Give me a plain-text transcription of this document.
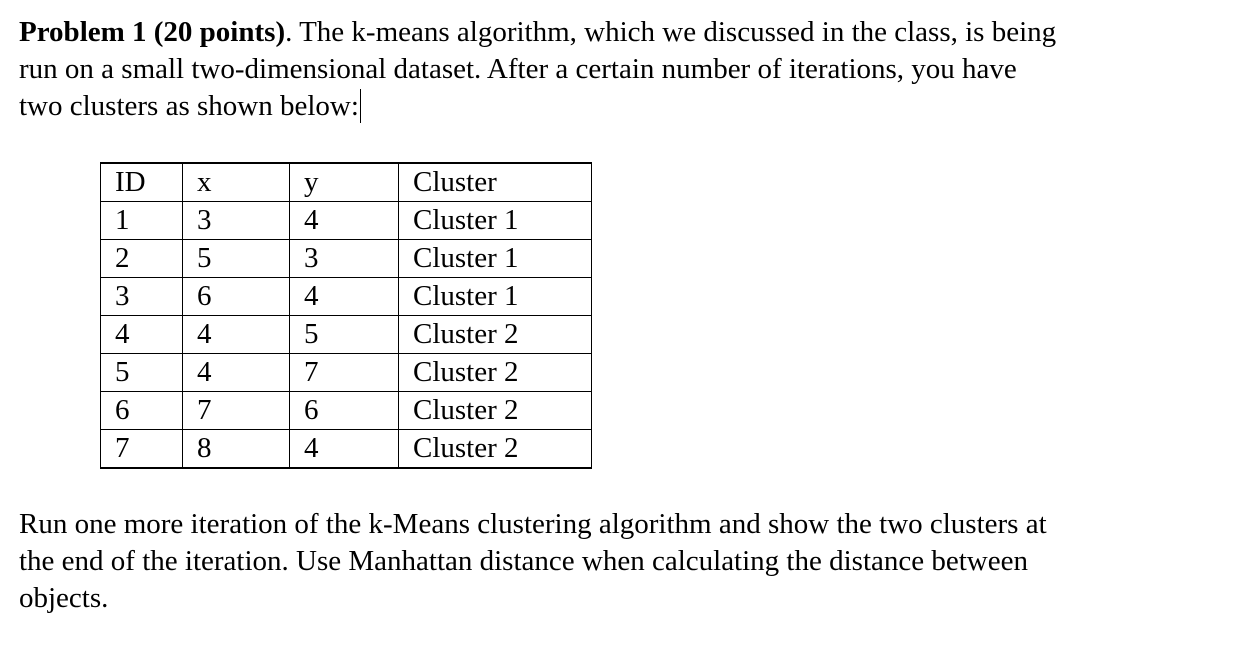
Problem 1 (20 points). The k-means algorithm, which we discussed in the class, is being
run on a small two-dimensional dataset. After a certain number of iterations, you have
two clusters as shown below:
ID	x	y	Cluster
1	3	4	Cluster 1
2	5	3	Cluster 1
3	6	4	Cluster 1
4	4	5	Cluster 2
5	4	7	Cluster 2
6	7	6	Cluster 2
7	8	4	Cluster 2
Run one more iteration of the k-Means clustering algorithm and show the two clusters at
the end of the iteration. Use Manhattan distance when calculating the distance between
objects.
